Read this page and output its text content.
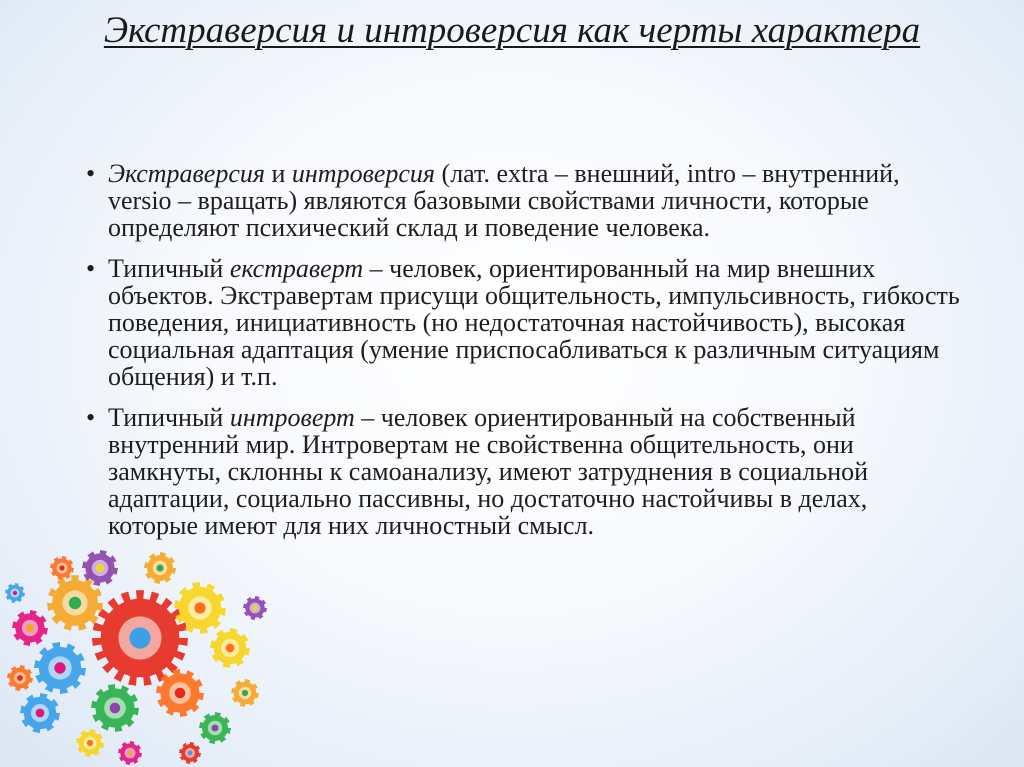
Экстраверсия и интроверсия как черты характера
• Экстраверсия и интроверсия (лат. extra – внешний, intro – внутренний, versio – вращать) являются базовыми свойствами личности, которые определяют психический склад и поведение человека.
• Типичный екстраверт – человек, ориентированный на мир внешних объектов. Экстравертам присущи общительность, импульсивность, гибкость поведения, инициативность (но недостаточная настойчивость), высокая социальная адаптация (умение приспосабливаться к различным ситуациям общения) и т.п.
• Типичный интроверт – человек ориентированный на собственный внутренний мир. Интровертам не свойственна общительность, они замкнуты, склонны к самоанализу, имеют затруднения в социальной адаптации, социально пассивны, но достаточно настойчивы в делах, которые имеют для них личностный смысл.
